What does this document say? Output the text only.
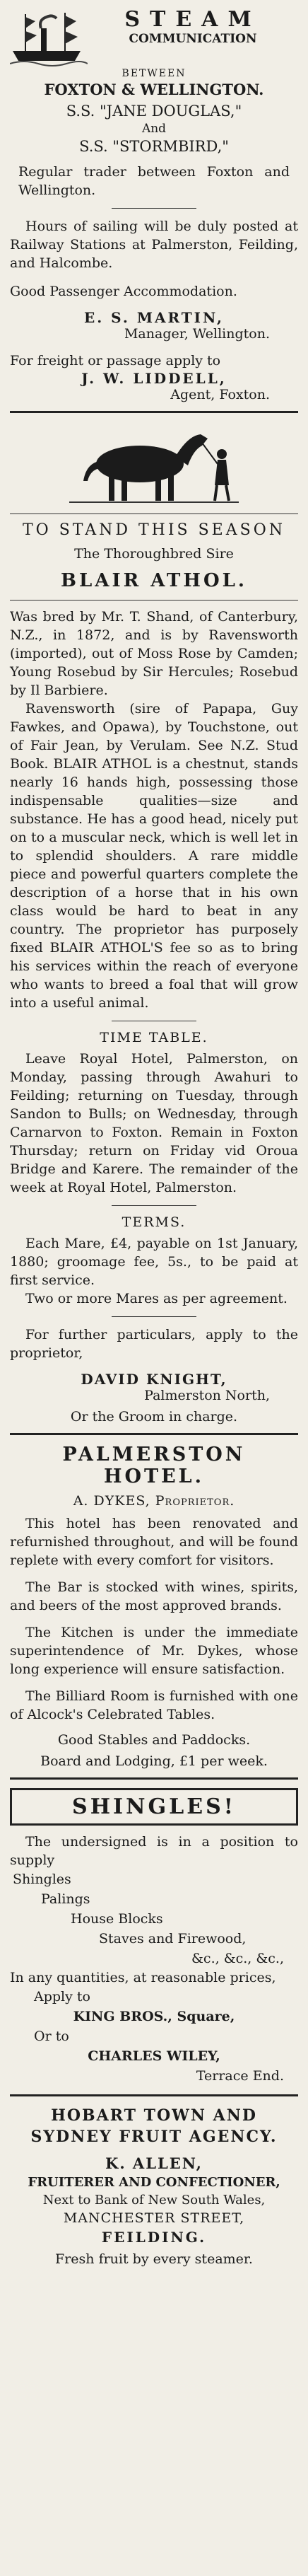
STEAM
COMMUNICATION
BETWEEN
FOXTON & WELLINGTON.
S.S. "JANE DOUGLAS,"
And
S.S. "STORMBIRD,"

Regular trader between Foxton and Wellington.

Hours of sailing will be duly posted at Railway Stations at Palmerston, Feilding, and Halcombe.

Good Passenger Accommodation.

E. S. MARTIN,
Manager, Wellington.

For freight or passage apply to

J. W. LIDDELL,
Agent, Foxton.
TO STAND THIS SEASON
The Thoroughbred Sire
BLAIR ATHOL.

Was bred by Mr. T. Shand, of Canterbury, N.Z., in 1872, and is by Ravensworth (imported), out of Moss Rose by Camden; Young Rosebud by Sir Hercules; Rosebud by Il Barbiere.

Ravensworth (sire of Papapa, Guy Fawkes, and Opawa), by Touchstone, out of Fair Jean, by Verulam. See N.Z. Stud Book. BLAIR ATHOL is a chestnut, stands nearly 16 hands high, possessing those indispensable qualities—size and substance. He has a good head, nicely put on to a muscular neck, which is well let in to splendid shoulders. A rare middle piece and powerful quarters complete the description of a horse that in his own class would be hard to beat in any country. The proprietor has purposely fixed BLAIR ATHOL'S fee so as to bring his services within the reach of everyone who wants to breed a foal that will grow into a useful animal.

TIME TABLE.

Leave Royal Hotel, Palmerston, on Monday, passing through Awahuri to Feilding; returning on Tuesday, through Sandon to Bulls; on Wednesday, through Carnarvon to Foxton. Remain in Foxton Thursday; return on Friday vid Oroua Bridge and Karere. The remainder of the week at Royal Hotel, Palmerston.

TERMS.

Each Mare, £4, payable on 1st January, 1880; groomage fee, 5s., to be paid at first service.

Two or more Mares as per agreement.

For further particulars, apply to the proprietor,

DAVID KNIGHT,
Palmerston North,
Or the Groom in charge.
PALMERSTON HOTEL.
A. DYKES, Proprietor.

This hotel has been renovated and refurnished throughout, and will be found replete with every comfort for visitors.

The Bar is stocked with wines, spirits, and beers of the most approved brands.

The Kitchen is under the immediate superintendence of Mr. Dykes, whose long experience will ensure satisfaction.

The Billiard Room is furnished with one of Alcock's Celebrated Tables.

Good Stables and Paddocks.
Board and Lodging, £1 per week.
SHINGLES!

The undersigned is in a position to supply

Shingles
Palings
House Blocks
Staves and Firewood,
&c., &c., &c.,

In any quantities, at reasonable prices,

Apply to
KING BROS., Square,
Or to
CHARLES WILEY,
Terrace End.
HOBART TOWN AND SYDNEY FRUIT AGENCY.
K. ALLEN,
FRUITERER AND CONFECTIONER,
Next to Bank of New South Wales,
MANCHESTER STREET,
FEILDING.
Fresh fruit by every steamer.
